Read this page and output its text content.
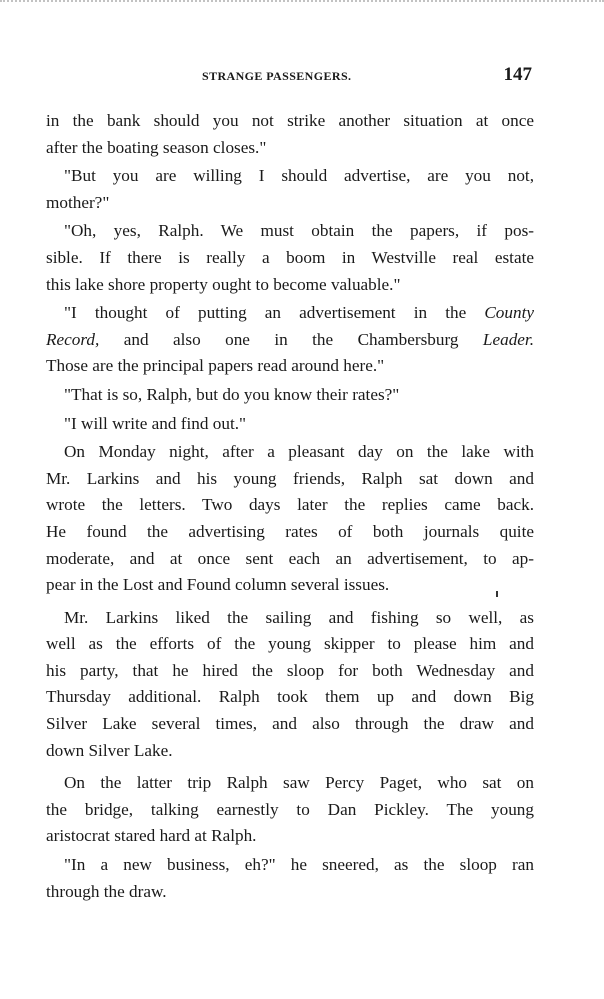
STRANGE PASSENGERS.	147

in the bank should you not strike another situation at once
after the boating season closes."

"But you are willing I should advertise, are you not,
mother?"

"Oh, yes, Ralph. We must obtain the papers, if pos-
sible. If there is really a boom in Westville real estate
this lake shore property ought to become valuable."

"I thought of putting an advertisement in the County
Record, and also one in the Chambersburg Leader.
Those are the principal papers read around here."

"That is so, Ralph, but do you know their rates?"

"I will write and find out."

On Monday night, after a pleasant day on the lake with
Mr. Larkins and his young friends, Ralph sat down and
wrote the letters. Two days later the replies came back.
He found the advertising rates of both journals quite
moderate, and at once sent each an advertisement, to ap-
pear in the Lost and Found column several issues.

Mr. Larkins liked the sailing and fishing so well, as
well as the efforts of the young skipper to please him and
his party, that he hired the sloop for both Wednesday and
Thursday additional. Ralph took them up and down Big
Silver Lake several times, and also through the draw and
down Silver Lake.

On the latter trip Ralph saw Percy Paget, who sat on
the bridge, talking earnestly to Dan Pickley. The young
aristocrat stared hard at Ralph.

"In a new business, eh?" he sneered, as the sloop ran
through the draw.
